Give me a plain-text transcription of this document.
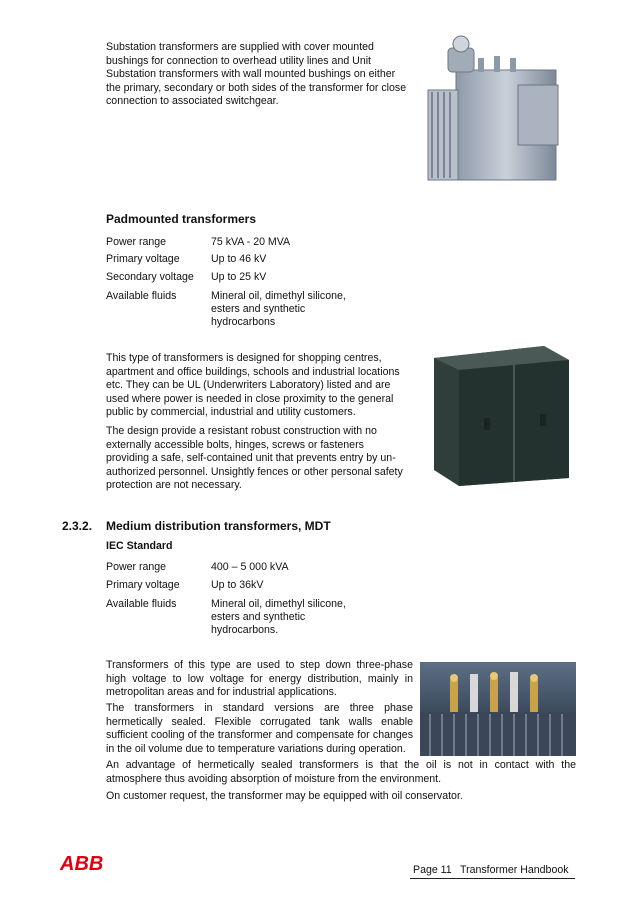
Substation transformers are supplied with cover mounted

bushings for connection to overhead utility lines and Unit

Substation transformers with wall mounted bushings on either

the primary, secondary or both sides of the transformer for close

connection to associated switchgear.

Padmounted transformers
Power range	75 kVA - 20 MVA
Primary voltage	Up to 46 kV
Secondary voltage Up to 25 kV
Available fluids	Mineral oil, dimethyl silicone,
esters and synthetic
hydrocarbons

This type of transformers is designed for shopping centres,

apartment and office buildings, schools and industrial locations

etc. They can be UL (Underwriters Laboratory) listed and are

used where power is needed in close proximity to the general

public by commercial, industrial and utility customers.

The design provide a resistant robust construction with no

externally accessible bolts, hinges, screws or fasteners

providing a safe, self-contained unit that prevents entry by un-

authorized personnel. Unsightly fences or other personal safety

protection are not necessary.

2.3.2. Medium distribution transformers, MDT
IEC Standard
Power range	400 – 5 000 kVA
Primary voltage	Up to 36kV
Available fluids	Mineral oil, dimethyl silicone,
esters and synthetic
hydrocarbons.

Transformers of this type are used to step down three-phase

high voltage to low voltage for energy distribution, mainly in

metropolitan areas and for industrial applications.

The transformers in standard versions are three phase

hermetically sealed. Flexible corrugated tank walls enable

sufficient cooling of the transformer and compensate for changes

in the oil volume due to temperature variations during operation.

An advantage of hermetically sealed transformers is that the oil is not in contact with the

atmosphere thus avoiding absorption of moisture from the environment.

On customer request, the transformer may be equipped with oil conservator.

ABB	Page 11 Transformer Handbook
